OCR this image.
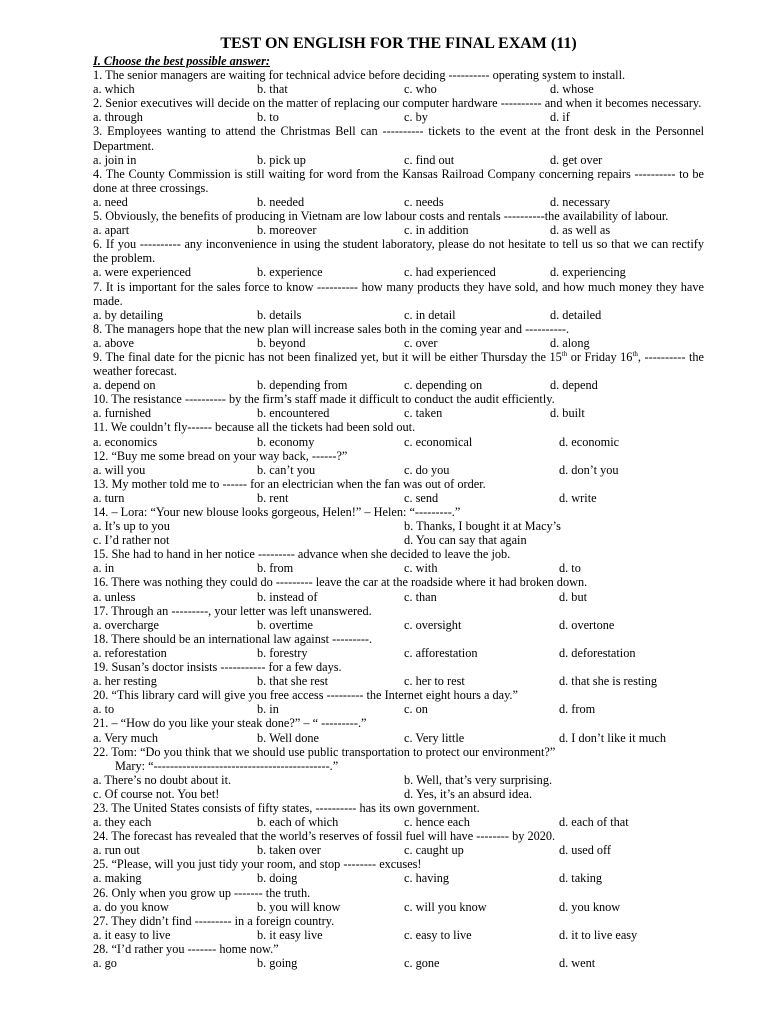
TEST ON ENGLISH FOR THE FINAL EXAM (11)
I. Choose the best possible answer:
1. The senior managers are waiting for technical advice before deciding ---------- operating system to install.
a. which	b. that	c. who	d. whose
2. Senior executives will decide on the matter of replacing our computer hardware ---------- and when it becomes necessary.
a. through	b. to	c. by	d. if
3. Employees wanting to attend the Christmas Bell can ---------- tickets to the event at the front desk in the Personnel Department.
a. join in	b. pick up	c. find out	d. get over
4. The County Commission is still waiting for word from the Kansas Railroad Company concerning repairs ---------- to be done at three crossings.
a. need	b. needed	c. needs	d. necessary
5. Obviously, the benefits of producing in Vietnam are low labour costs and rentals ----------the availability of labour.
a. apart	b. moreover	c. in addition	d. as well as
6. If you ---------- any inconvenience in using the student laboratory, please do not hesitate to tell us so that we can rectify the problem.
a. were experienced	b. experience	c. had experienced	d. experiencing
7. It is important for the sales force to know ---------- how many products they have sold, and how much money they have made.
a. by detailing	b. details	c. in detail	d. detailed
8. The managers hope that the new plan will increase sales both in the coming year and ----------.
a. above	b. beyond	c. over	d. along
9. The final date for the picnic has not been finalized yet, but it will be either Thursday the 15th or Friday 16th, ---------- the weather forecast.
a. depend on	b. depending from	c. depending on	d. depend
10. The resistance ---------- by the firm’s staff made it difficult to conduct the audit efficiently.
a. furnished	b. encountered	c. taken	d. built
11. We couldn’t fly------ because all the tickets had been sold out.
a. economics	b. economy	c. economical	d. economic
12. “Buy me some bread on your way back, ------?”
a. will you	b. can’t you	c. do you	d. don’t you
13. My mother told me to ------ for an electrician when the fan was out of order.
a. turn	b. rent	c. send	d. write
14. – Lora: “Your new blouse looks gorgeous, Helen!” – Helen: “---------.”
a. It’s up to you	b. Thanks, I bought it at Macy’s
c. I’d rather not	d. You can say that again
15. She had to hand in her notice --------- advance when she decided to leave the job.
a. in	b. from	c. with	d. to
16. There was nothing they could do --------- leave the car at the roadside where it had broken down.
a. unless	b. instead of	c. than	d. but
17. Through an ---------, your letter was left unanswered.
a. overcharge	b. overtime	c. oversight	d. overtone
18. There should be an international law against ---------.
a. reforestation	b. forestry	c. afforestation	d. deforestation
19. Susan’s doctor insists ----------- for a few days.
a. her resting	b. that she rest	c. her to rest	d. that she is resting
20. “This library card will give you free access --------- the Internet eight hours a day.”
a. to	b. in	c. on	d. from
21. – “How do you like your steak done?” – “ ---------.”
a. Very much	b. Well done	c. Very little	d. I don’t like it much
22. Tom: “Do you think that we should use public transportation to protect our environment?”
Mary: “-------------------------------------------.”
a. There’s no doubt about it.	b. Well, that’s very surprising.
c. Of course not. You bet!	d. Yes, it’s an absurd idea.
23. The United States consists of fifty states, ---------- has its own government.
a. they each	b. each of which	c. hence each	d. each of that
24. The forecast has revealed that the world’s reserves of fossil fuel will have -------- by 2020.
a. run out	b. taken over	c. caught up	d. used off
25. “Please, will you just tidy your room, and stop -------- excuses!
a. making	b. doing	c. having	d. taking
26. Only when you grow up ------- the truth.
a. do you know	b. you will know	c. will you know	d. you know
27. They didn’t find --------- in a foreign country.
a. it easy to live	b. it easy live	c. easy to live	d. it to live easy
28. “I’d rather you ------- home now.”
a. go	b. going	c. gone	d. went
